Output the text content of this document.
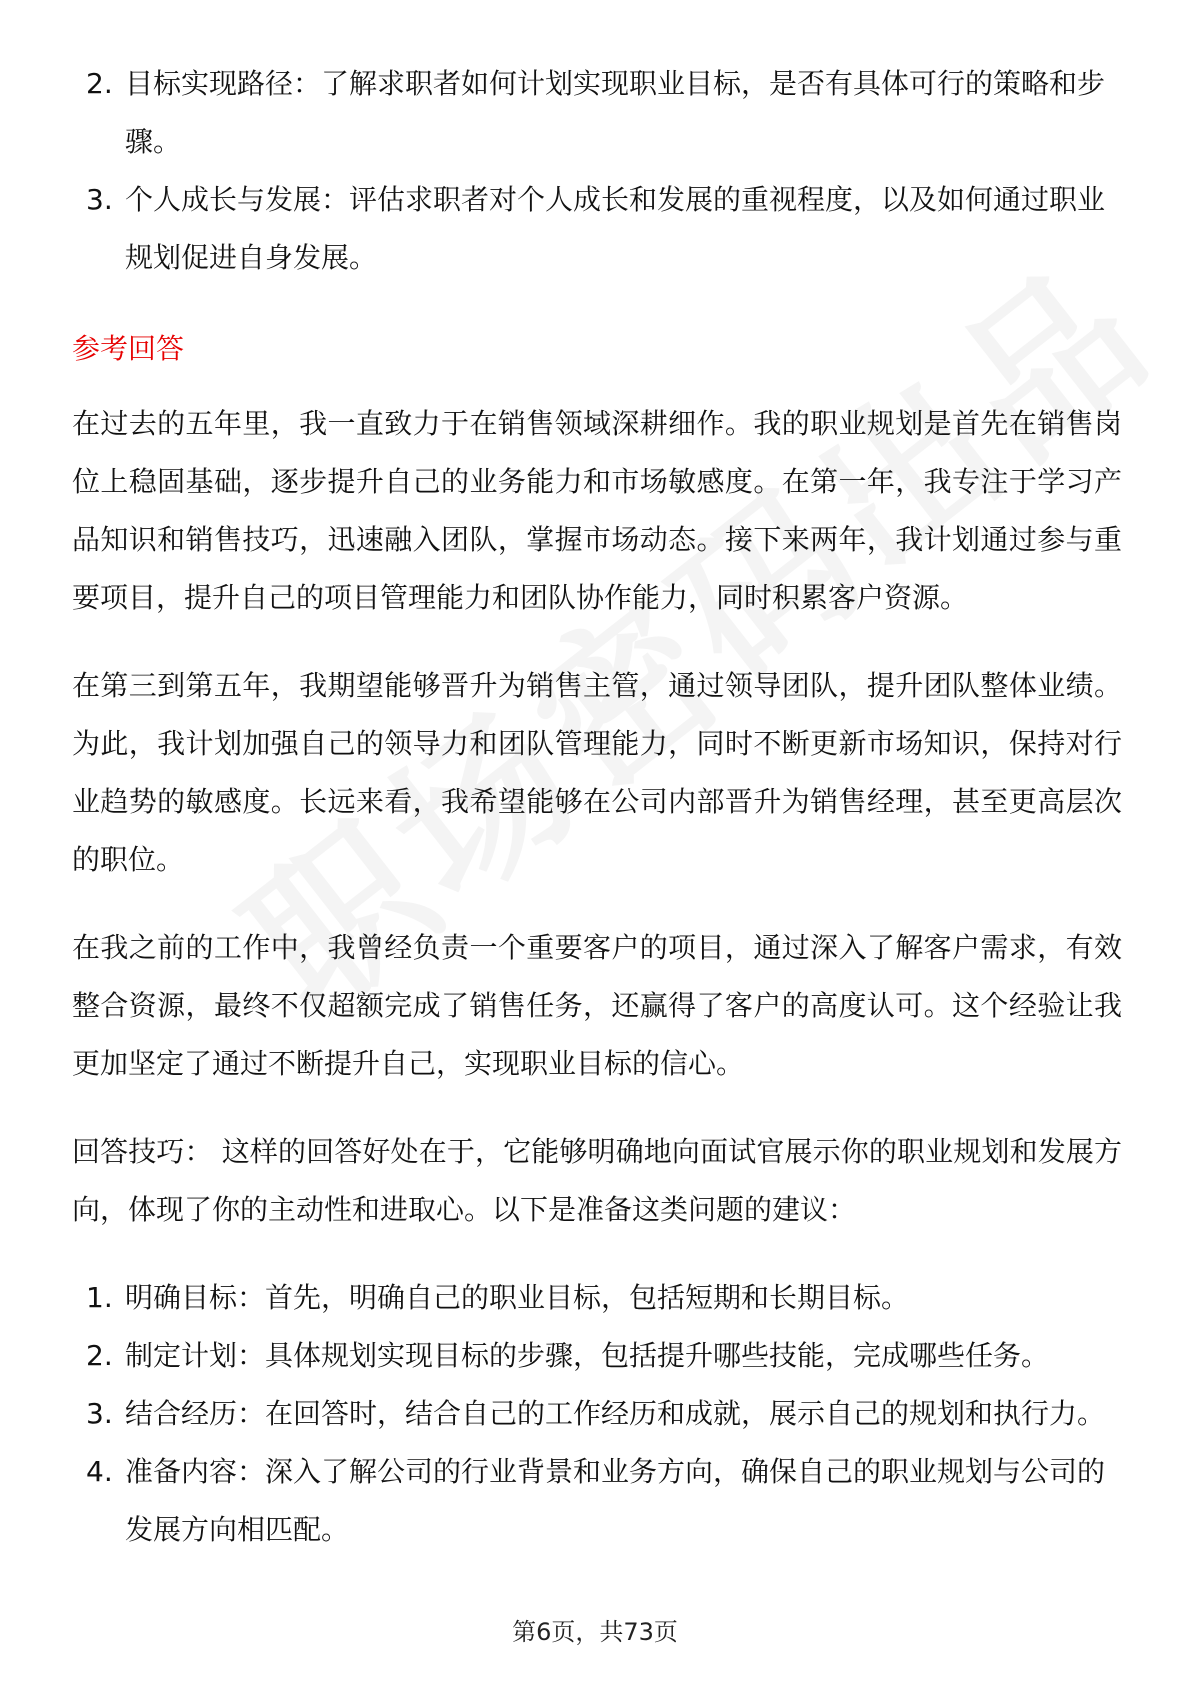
2. 目标实现路径：了解求职者如何计划实现职业目标，是否有具体可行的策略和步骤。
3. 个人成长与发展：评估求职者对个人成长和发展的重视程度，以及如何通过职业规划促进自身发展。
参考回答

在过去的五年里，我一直致力于在销售领域深耕细作。我的职业规划是首先在销售岗位上稳固基础，逐步提升自己的业务能力和市场敏感度。在第一年，我专注于学习产品知识和销售技巧，迅速融入团队，掌握市场动态。接下来两年，我计划通过参与重要项目，提升自己的项目管理能力和团队协作能力，同时积累客户资源。

在第三到第五年，我期望能够晋升为销售主管，通过领导团队，提升团队整体业绩。为此，我计划加强自己的领导力和团队管理能力，同时不断更新市场知识，保持对行业趋势的敏感度。长远来看，我希望能够在公司内部晋升为销售经理，甚至更高层次的职位。

在我之前的工作中，我曾经负责一个重要客户的项目，通过深入了解客户需求，有效整合资源，最终不仅超额完成了销售任务，还赢得了客户的高度认可。这个经验让我更加坚定了通过不断提升自己，实现职业目标的信心。

回答技巧： 这样的回答好处在于，它能够明确地向面试官展示你的职业规划和发展方向，体现了你的主动性和进取心。以下是准备这类问题的建议：

1. 明确目标：首先，明确自己的职业目标，包括短期和长期目标。
2. 制定计划：具体规划实现目标的步骤，包括提升哪些技能，完成哪些任务。
3. 结合经历：在回答时，结合自己的工作经历和成就，展示自己的规划和执行力。
4. 准备内容：深入了解公司的行业背景和业务方向，确保自己的职业规划与公司的发展方向相匹配。
第6页，共73页
